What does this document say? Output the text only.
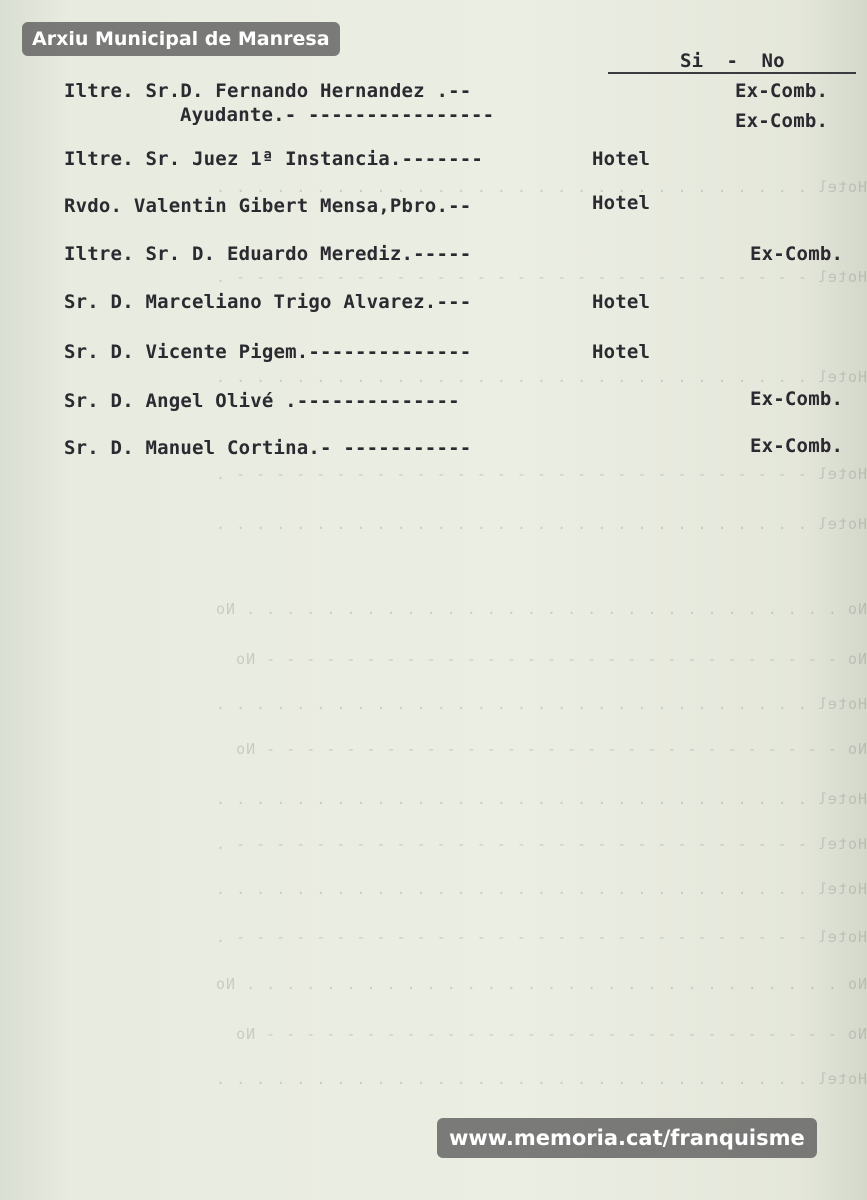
Hotel . . . . . . . . . . . . . . . . . . . . . . . . . . . . . .
Hotel - - - - - - - - - - - - - - - - - - - - - - - - - - - - - .
Hotel . . . . . . . . . . . . . . . . . . . . . . . . . . . . . .
Hotel - - - - - - - - - - - - - - - - - - - - - - - - - - - - - .
Hotel . . . . . . . . . . . . . . . . . . . . . . . . . . . . . .
No . . . . . . . . . . . . . . . . . . . . . . . . . . . . . . No
No - - - - - - - - - - - - - - - - - - - - - - - - - - - - - No
Hotel . . . . . . . . . . . . . . . . . . . . . . . . . . . . . .
No - - - - - - - - - - - - - - - - - - - - - - - - - - - - - No
Hotel . . . . . . . . . . . . . . . . . . . . . . . . . . . . . .
Hotel - - - - - - - - - - - - - - - - - - - - - - - - - - - - - .
Hotel . . . . . . . . . . . . . . . . . . . . . . . . . . . . . .
Hotel - - - - - - - - - - - - - - - - - - - - - - - - - - - - - .
No . . . . . . . . . . . . . . . . . . . . . . . . . . . . . . No
No - - - - - - - - - - - - - - - - - - - - - - - - - - - - - No
Hotel . . . . . . . . . . . . . . . . . . . . . . . . . . . . . .
Si  -  No
Iltre. Sr.D. Fernando Hernandez .--	Ex-Comb.
Ayudante.- ----------------	Ex-Comb.
Iltre. Sr. Juez 1ª Instancia.-------	Hotel
Rvdo. Valentin Gibert Mensa,Pbro.--	Hotel
Iltre. Sr. D. Eduardo Merediz.-----	Ex-Comb.
Sr. D. Marceliano Trigo Alvarez.---	Hotel
Sr. D. Vicente Pigem.--------------	Hotel
Sr. D. Angel Olivé .--------------	Ex-Comb.
Sr. D. Manuel Cortina.- -----------	Ex-Comb.
Arxiu Municipal de Manresa
www.memoria.cat/franquisme
